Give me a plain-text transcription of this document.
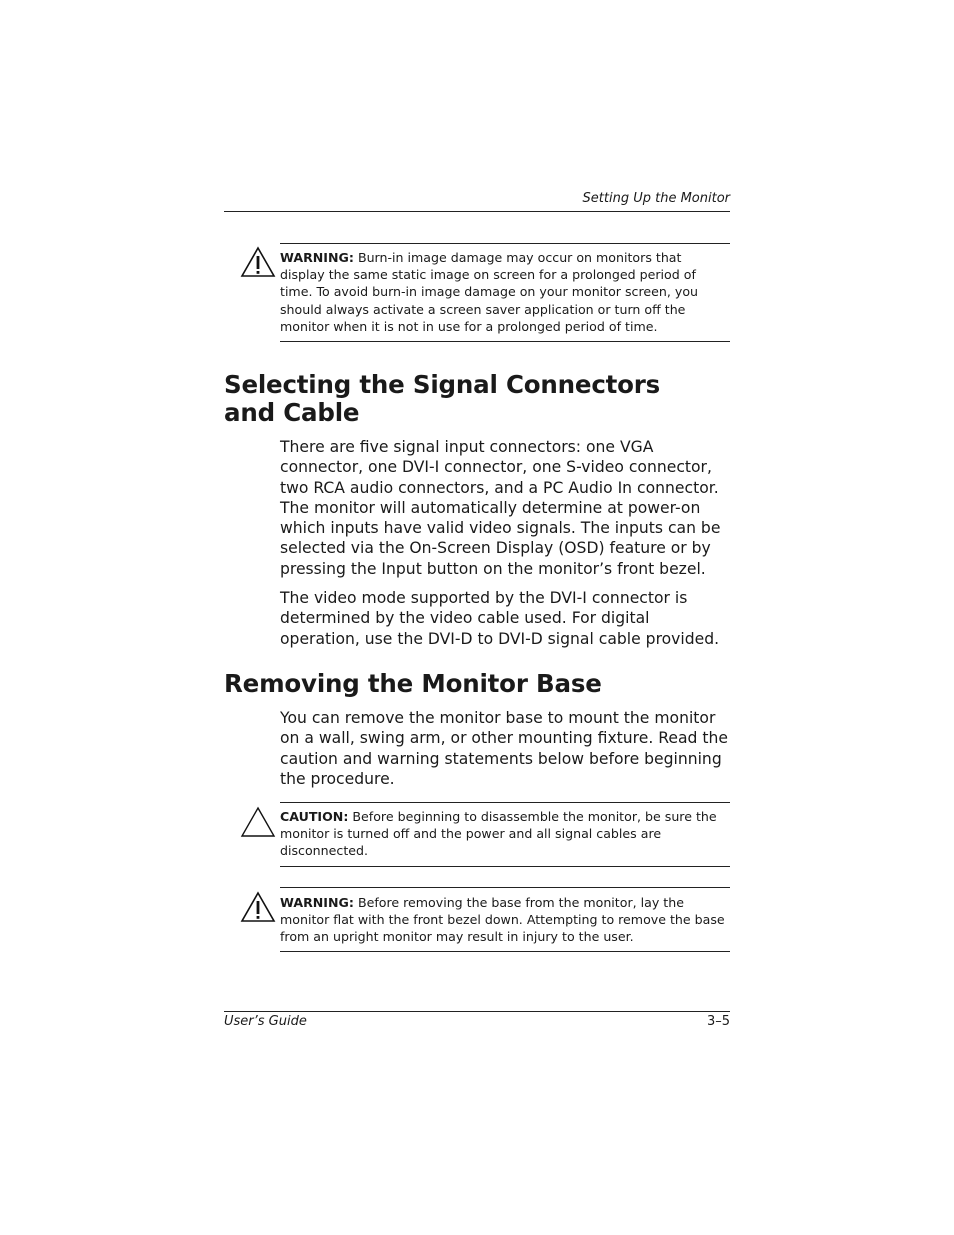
Setting Up the Monitor
WARNING: Burn-in image damage may occur on monitors that display the same static image on screen for a prolonged period of time. To avoid burn-in image damage on your monitor screen, you should always activate a screen saver application or turn off the monitor when it is not in use for a prolonged period of time.
Selecting the Signal Connectors and Cable

There are five signal input connectors: one VGA connector, one DVI-I connector, one S-video connector, two RCA audio connectors, and a PC Audio In connector. The monitor will automatically determine at power-on which inputs have valid video signals. The inputs can be selected via the On-Screen Display (OSD) feature or by pressing the Input button on the monitor’s front bezel.

The video mode supported by the DVI-I connector is determined by the video cable used. For digital operation, use the DVI-D to DVI-D signal cable provided.

Removing the Monitor Base

You can remove the monitor base to mount the monitor on a wall, swing arm, or other mounting fixture. Read the caution and warning statements below before beginning the procedure.

CAUTION: Before beginning to disassemble the monitor, be sure the monitor is turned off and the power and all signal cables are disconnected.
WARNING: Before removing the base from the monitor, lay the monitor flat with the front bezel down. Attempting to remove the base from an upright monitor may result in injury to the user.
User’s Guide	3–5
